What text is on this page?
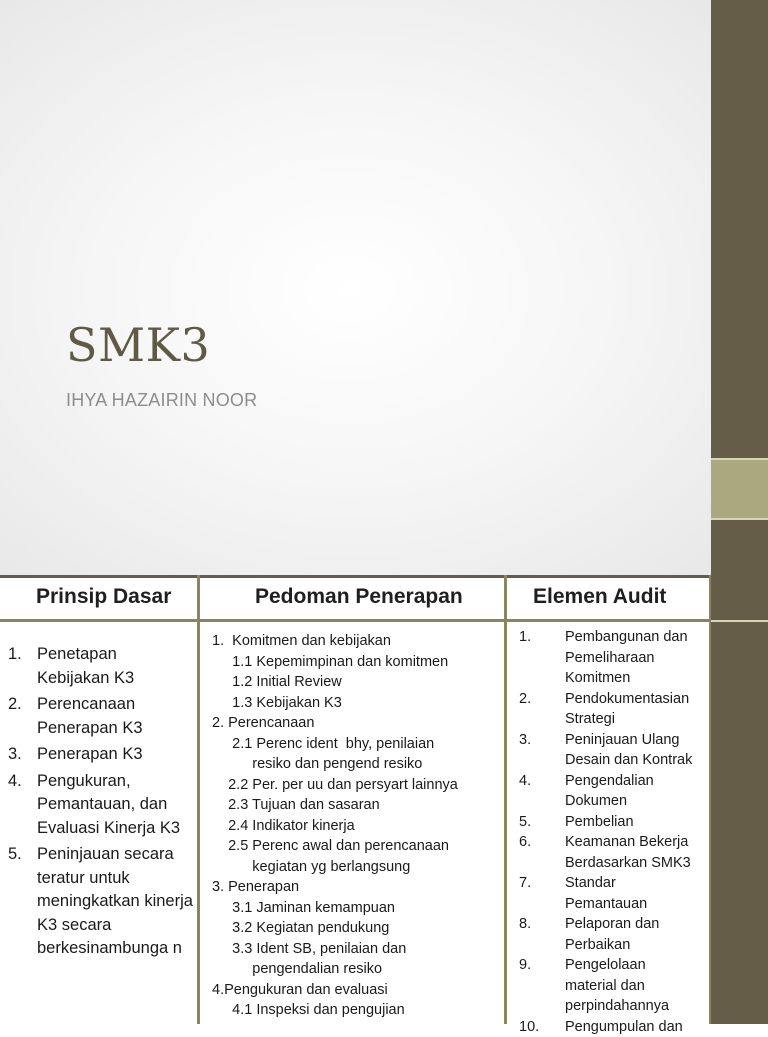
SMK3
IHYA HAZAIRIN NOOR
Prinsip Dasar	Pedoman Penerapan	Elemen Audit
1. Penetapan Kebijakan K3
2. Perencanaan Penerapan K3
3. Penerapan K3
4. Pengukuran, Pemantauan, dan Evaluasi Kinerja K3
5. Peninjauan secara teratur untuk meningkatkan kinerja K3 secara berkesinambunga n
1.  Komitmen dan kebijakan
1.1 Kepemimpinan dan komitmen
1.2 Initial Review
1.3 Kebijakan K3
2. Perencanaan
2.1 Perenc ident  bhy, penilaian
resiko dan pengend resiko
2.2 Per. per uu dan persyart lainnya
2.3 Tujuan dan sasaran
2.4 Indikator kinerja
2.5 Perenc awal dan perencanaan
kegiatan yg berlangsung
3. Penerapan
3.1 Jaminan kemampuan
3.2 Kegiatan pendukung
3.3 Ident SB, penilaian dan
pengendalian resiko
4.Pengukuran dan evaluasi
4.1 Inspeksi dan pengujian
1.	Pembangunan dan
Pemeliharaan
Komitmen
2.	Pendokumentasian
Strategi
3.	Peninjauan Ulang
Desain dan Kontrak
4.	Pengendalian
Dokumen
5.	Pembelian
6.	Keamanan Bekerja
Berdasarkan SMK3
7.	Standar
Pemantauan
8.	Pelaporan dan
Perbaikan
9.	Pengelolaan
material dan
perpindahannya
10.	Pengumpulan dan
